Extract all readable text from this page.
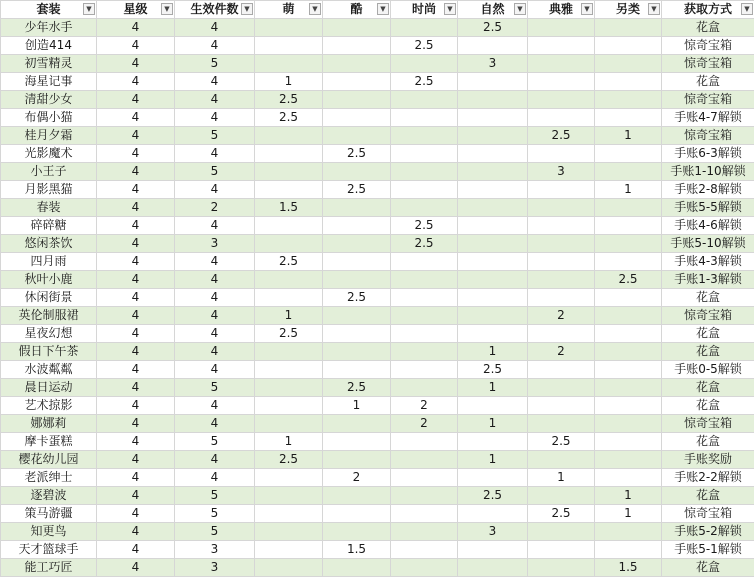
套装 ▼	星级 ▼	生效件数 ▼	萌 ▼	酷 ▼	时尚 ▼	自然 ▼	典雅 ▼	另类 ▼	获取方式 ▼

少年水手	4	4				2.5			花盒
创造414	4	4			2.5				惊奇宝箱
初雪精灵	4	5				3			惊奇宝箱
海星记事	4	4	1		2.5				花盒
清甜少女	4	4	2.5						惊奇宝箱
布偶小猫	4	4	2.5						手账4-7解锁
桂月夕霜	4	5					2.5	1	惊奇宝箱
光影魔术	4	4		2.5					手账6-3解锁
小王子	4	5					3		手账1-10解锁
月影黑猫	4	4		2.5				1	手账2-8解锁
春装	4	2	1.5						手账5-5解锁
碎碎糖	4	4			2.5				手账4-6解锁
悠闲茶饮	4	3			2.5				手账5-10解锁
四月雨	4	4	2.5						手账4-3解锁
秋叶小鹿	4	4						2.5	手账1-3解锁
休闲街景	4	4		2.5					花盒
英伦制服裙	4	4	1				2		惊奇宝箱
星夜幻想	4	4	2.5						花盒
假日下午茶	4	4				1	2		花盒
水波粼粼	4	4				2.5			手账0-5解锁
晨日运动	4	5		2.5		1			花盒
艺术掠影	4	4		1	2				花盒
娜娜莉	4	4			2	1			惊奇宝箱
摩卡蛋糕	4	5	1				2.5		花盒
樱花幼儿园	4	4	2.5			1			手账奖励
老派绅士	4	4		2			1		手账2-2解锁
逐碧波	4	5				2.5		1	花盒
策马游疆	4	5					2.5	1	惊奇宝箱
知更鸟	4	5				3			手账5-2解锁
天才篮球手	4	3		1.5					手账5-1解锁
能工巧匠	4	3						1.5	花盒
